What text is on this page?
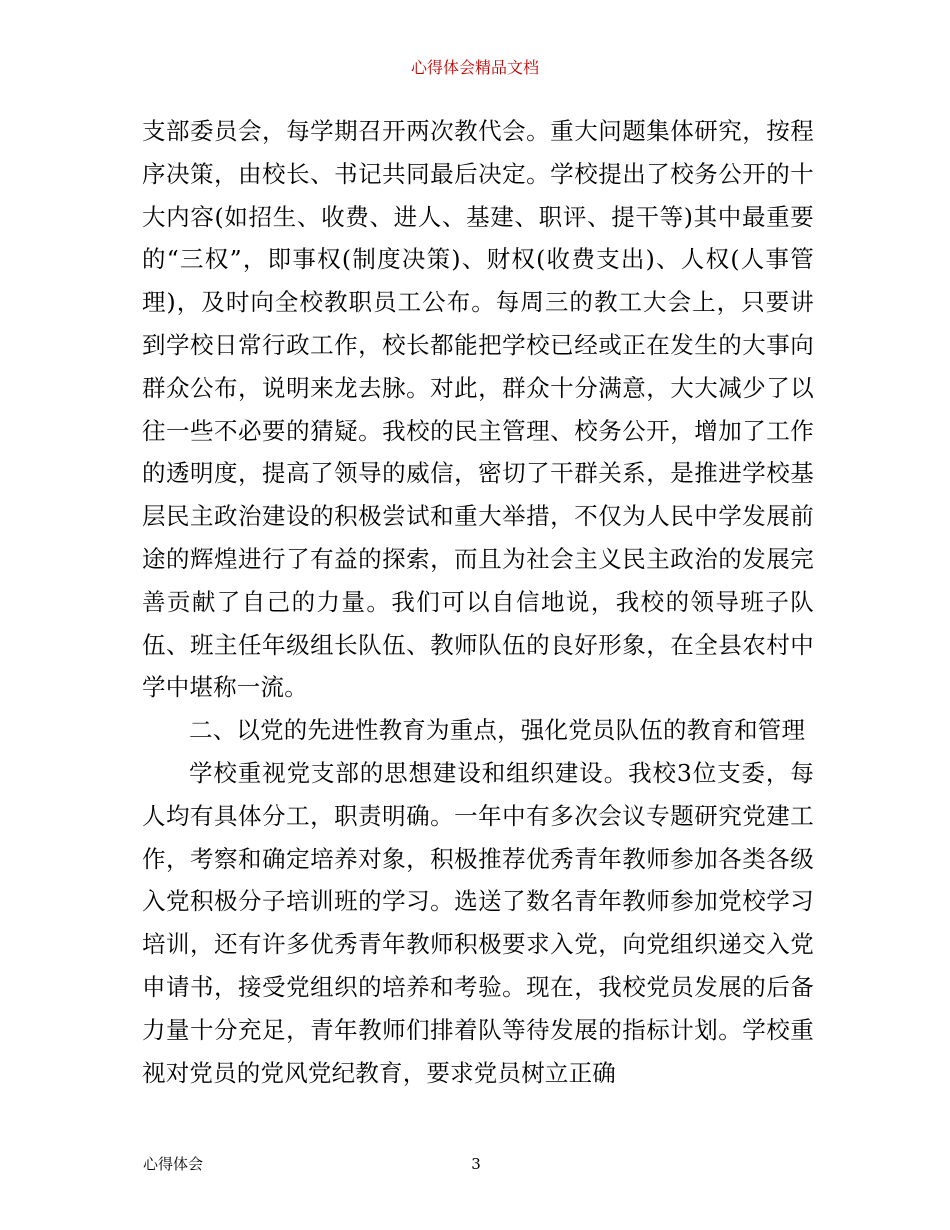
心得体会精品文档

支部委员会，每学期召开两次教代会。重大问题集体研究，按程序决策，由校长、书记共同最后决定。学校提出了校务公开的十大内容(如招生、收费、进人、基建、职评、提干等)其中最重要的“三权”，即事权(制度决策)、财权(收费支出)、人权(人事管理)，及时向全校教职员工公布。每周三的教工大会上，只要讲到学校日常行政工作，校长都能把学校已经或正在发生的大事向群众公布，说明来龙去脉。对此，群众十分满意，大大减少了以往一些不必要的猜疑。我校的民主管理、校务公开，增加了工作的透明度，提高了领导的威信，密切了干群关系，是推进学校基层民主政治建设的积极尝试和重大举措，不仅为人民中学发展前途的辉煌进行了有益的探索，而且为社会主义民主政治的发展完善贡献了自己的力量。我们可以自信地说，我校的领导班子队伍、班主任年级组长队伍、教师队伍的良好形象，在全县农村中学中堪称一流。

二、以党的先进性教育为重点，强化党员队伍的教育和管理

学校重视党支部的思想建设和组织建设。我校3位支委，每人均有具体分工，职责明确。一年中有多次会议专题研究党建工作，考察和确定培养对象，积极推荐优秀青年教师参加各类各级入党积极分子培训班的学习。选送了数名青年教师参加党校学习培训，还有许多优秀青年教师积极要求入党，向党组织递交入党申请书，接受党组织的培养和考验。现在，我校党员发展的后备力量十分充足，青年教师们排着队等待发展的指标计划。学校重视对党员的党风党纪教育，要求党员树立正确

心得体会	3
